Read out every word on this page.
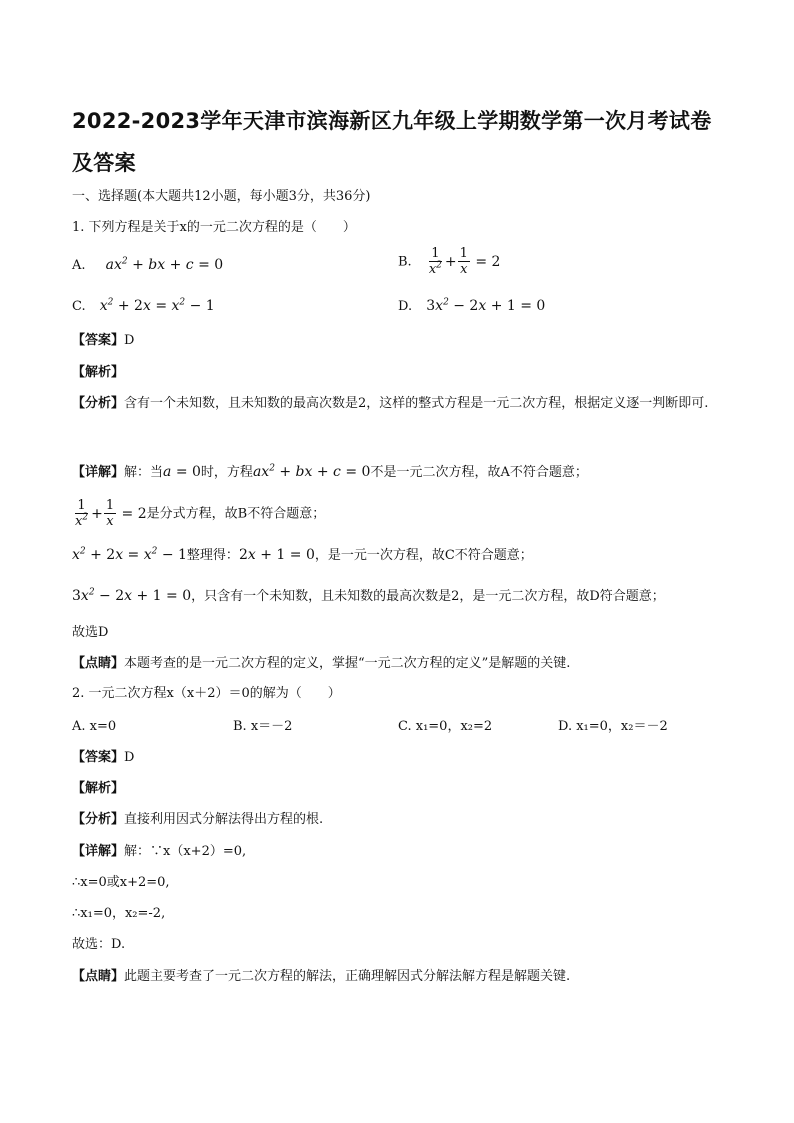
2022-2023学年天津市滨海新区九年级上学期数学第一次月考试卷及答案
一、选择题(本大题共12小题，每小题3分，共36分)
1. 下列方程是关于x的一元二次方程的是（　　）
A. $ax^2$ + bx + c = 0	B. $\frac{1}{x^2} + \frac{1}{x} = 2$
C. $x^2 + 2x = x^2 - 1$	D. $3x^2 - 2x + 1 = 0$
【答案】D
【解析】
【分析】含有一个未知数，且未知数的最高次数是2，这样的整式方程是一元二次方程，根据定义逐一判断即可.
【详解】解：当a = 0时，方程$ax^2$ + bx + c = 0不是一元二次方程，故A不符合题意；
$\frac{1}{x^2} + \frac{1}{x} = 2$是分式方程，故B不符合题意；
$x^2 + 2x = x^2 - 1$整理得：2x + 1 = 0，是一元一次方程，故C不符合题意；
$3x^2 - 2x + 1 = 0$，只含有一个未知数，且未知数的最高次数是2，是一元二次方程，故D符合题意；
故选D
【点睛】本题考查的是一元二次方程的定义，掌握“一元二次方程的定义”是解题的关键.
2. 一元二次方程x（x＋2）＝0的解为（　　）
A. x=0	B. x＝－2	C. x₁=0，x₂=2	D. x₁=0，x₂＝－2
【答案】D
【解析】
【分析】直接利用因式分解法得出方程的根.
【详解】解：∵x（x+2）=0,
∴x=0或x+2=0,
∴x₁=0，x₂=-2,
故选：D.
【点睛】此题主要考查了一元二次方程的解法，正确理解因式分解法解方程是解题关键.
